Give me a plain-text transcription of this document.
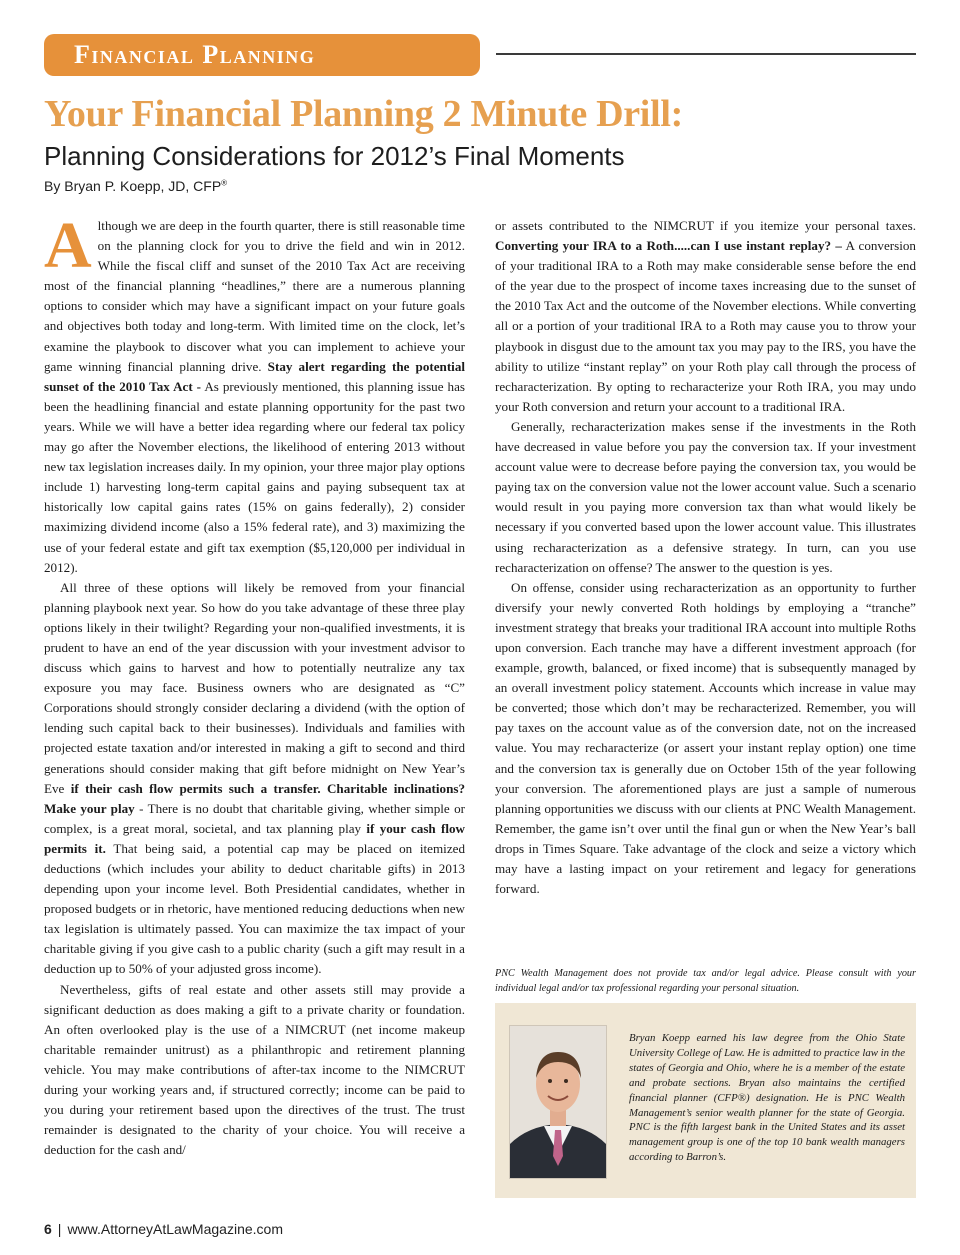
Financial Planning
Your Financial Planning 2 Minute Drill:
Planning Considerations for 2012’s Final Moments
By Bryan P. Koepp, JD, CFP®

Although we are deep in the fourth quarter, there is still reasonable time on the planning clock for you to drive the field and win in 2012. While the fiscal cliff and sunset of the 2010 Tax Act are receiving most of the financial planning “headlines,” there are a numerous planning options to consider which may have a significant impact on your future goals and objectives both today and long-term. With limited time on the clock, let’s examine the playbook to discover what you can implement to achieve your game winning financial planning drive. Stay alert regarding the potential sunset of the 2010 Tax Act - As previously mentioned, this planning issue has been the headlining financial and estate planning opportunity for the past two years. While we will have a better idea regarding where our federal tax policy may go after the November elections, the likelihood of entering 2013 without new tax legislation increases daily. In my opinion, your three major play options include 1) harvesting long-term capital gains and paying subsequent tax at historically low capital gains rates (15% on gains federally), 2) consider maximizing dividend income (also a 15% federal rate), and 3) maximizing the use of your federal estate and gift tax exemption ($5,120,000 per individual in 2012).

All three of these options will likely be removed from your financial planning playbook next year. So how do you take advantage of these three play options likely in their twilight? Regarding your non-qualified investments, it is prudent to have an end of the year discussion with your investment advisor to discuss which gains to harvest and how to potentially neutralize any tax exposure you may face. Business owners who are designated as “C” Corporations should strongly consider declaring a dividend (with the option of lending such capital back to their businesses). Individuals and families with projected estate taxation and/or interested in making a gift to second and third generations should consider making that gift before midnight on New Year’s Eve if their cash flow permits such a transfer. Charitable inclinations? Make your play - There is no doubt that charitable giving, whether simple or complex, is a great moral, societal, and tax planning play if your cash flow permits it. That being said, a potential cap may be placed on itemized deductions (which includes your ability to deduct charitable gifts) in 2013 depending upon your income level. Both Presidential candidates, whether in proposed budgets or in rhetoric, have mentioned reducing deductions when new tax legislation is ultimately passed. You can maximize the tax impact of your charitable giving if you give cash to a public charity (such a gift may result in a deduction up to 50% of your adjusted gross income).

Nevertheless, gifts of real estate and other assets still may provide a significant deduction as does making a gift to a private charity or foundation. An often overlooked play is the use of a NIMCRUT (net income makeup charitable remainder unitrust) as a philanthropic and retirement planning vehicle. You may make contributions of after-tax income to the NIMCRUT during your working years and, if structured correctly; income can be paid to you during your retirement based upon the directives of the trust. The trust remainder is designated to the charity of your choice. You will receive a deduction for the cash and/

or assets contributed to the NIMCRUT if you itemize your personal taxes. Converting your IRA to a Roth.....can I use instant replay? – A conversion of your traditional IRA to a Roth may make considerable sense before the end of the year due to the prospect of income taxes increasing due to the sunset of the 2010 Tax Act and the outcome of the November elections. While converting all or a portion of your traditional IRA to a Roth may cause you to throw your playbook in disgust due to the amount tax you may pay to the IRS, you have the ability to utilize “instant replay” on your Roth play call through the process of recharacterization. By opting to recharacterize your Roth IRA, you may undo your Roth conversion and return your account to a traditional IRA.

Generally, recharacterization makes sense if the investments in the Roth have decreased in value before you pay the conversion tax. If your investment account value were to decrease before paying the conversion tax, you would be paying tax on the conversion value not the lower account value. Such a scenario would result in you paying more conversion tax than what would likely be necessary if you converted based upon the lower account value. This illustrates using recharacterization as a defensive strategy. In turn, can you use recharacterization on offense? The answer to the question is yes.

On offense, consider using recharacterization as an opportunity to further diversify your newly converted Roth holdings by employing a “tranche” investment strategy that breaks your traditional IRA account into multiple Roths upon conversion. Each tranche may have a different investment approach (for example, growth, balanced, or fixed income) that is subsequently managed by an overall investment policy statement. Accounts which increase in value may be converted; those which don’t may be recharacterized. Remember, you will pay taxes on the account value as of the conversion date, not on the increased value. You may recharacterize (or assert your instant replay option) one time and the conversion tax is generally due on October 15th of the year following your conversion. The aforementioned plays are just a sample of numerous planning opportunities we discuss with our clients at PNC Wealth Management. Remember, the game isn’t over until the final gun or when the New Year’s ball drops in Times Square. Take advantage of the clock and seize a victory which may have a lasting impact on your retirement and legacy for generations forward.

PNC Wealth Management does not provide tax and/or legal advice. Please consult with your individual legal and/or tax professional regarding your personal situation.
Bryan Koepp earned his law degree from the Ohio State University College of Law. He is admitted to practice law in the states of Georgia and Ohio, where he is a member of the estate and probate sections. Bryan also maintains the certified financial planner (CFP®) designation. He is PNC Wealth Management’s senior wealth planner for the state of Georgia. PNC is the fifth largest bank in the United States and its asset management group is one of the top 10 bank wealth managers according to Barron’s.
6 | www.AttorneyAtLawMagazine.com
